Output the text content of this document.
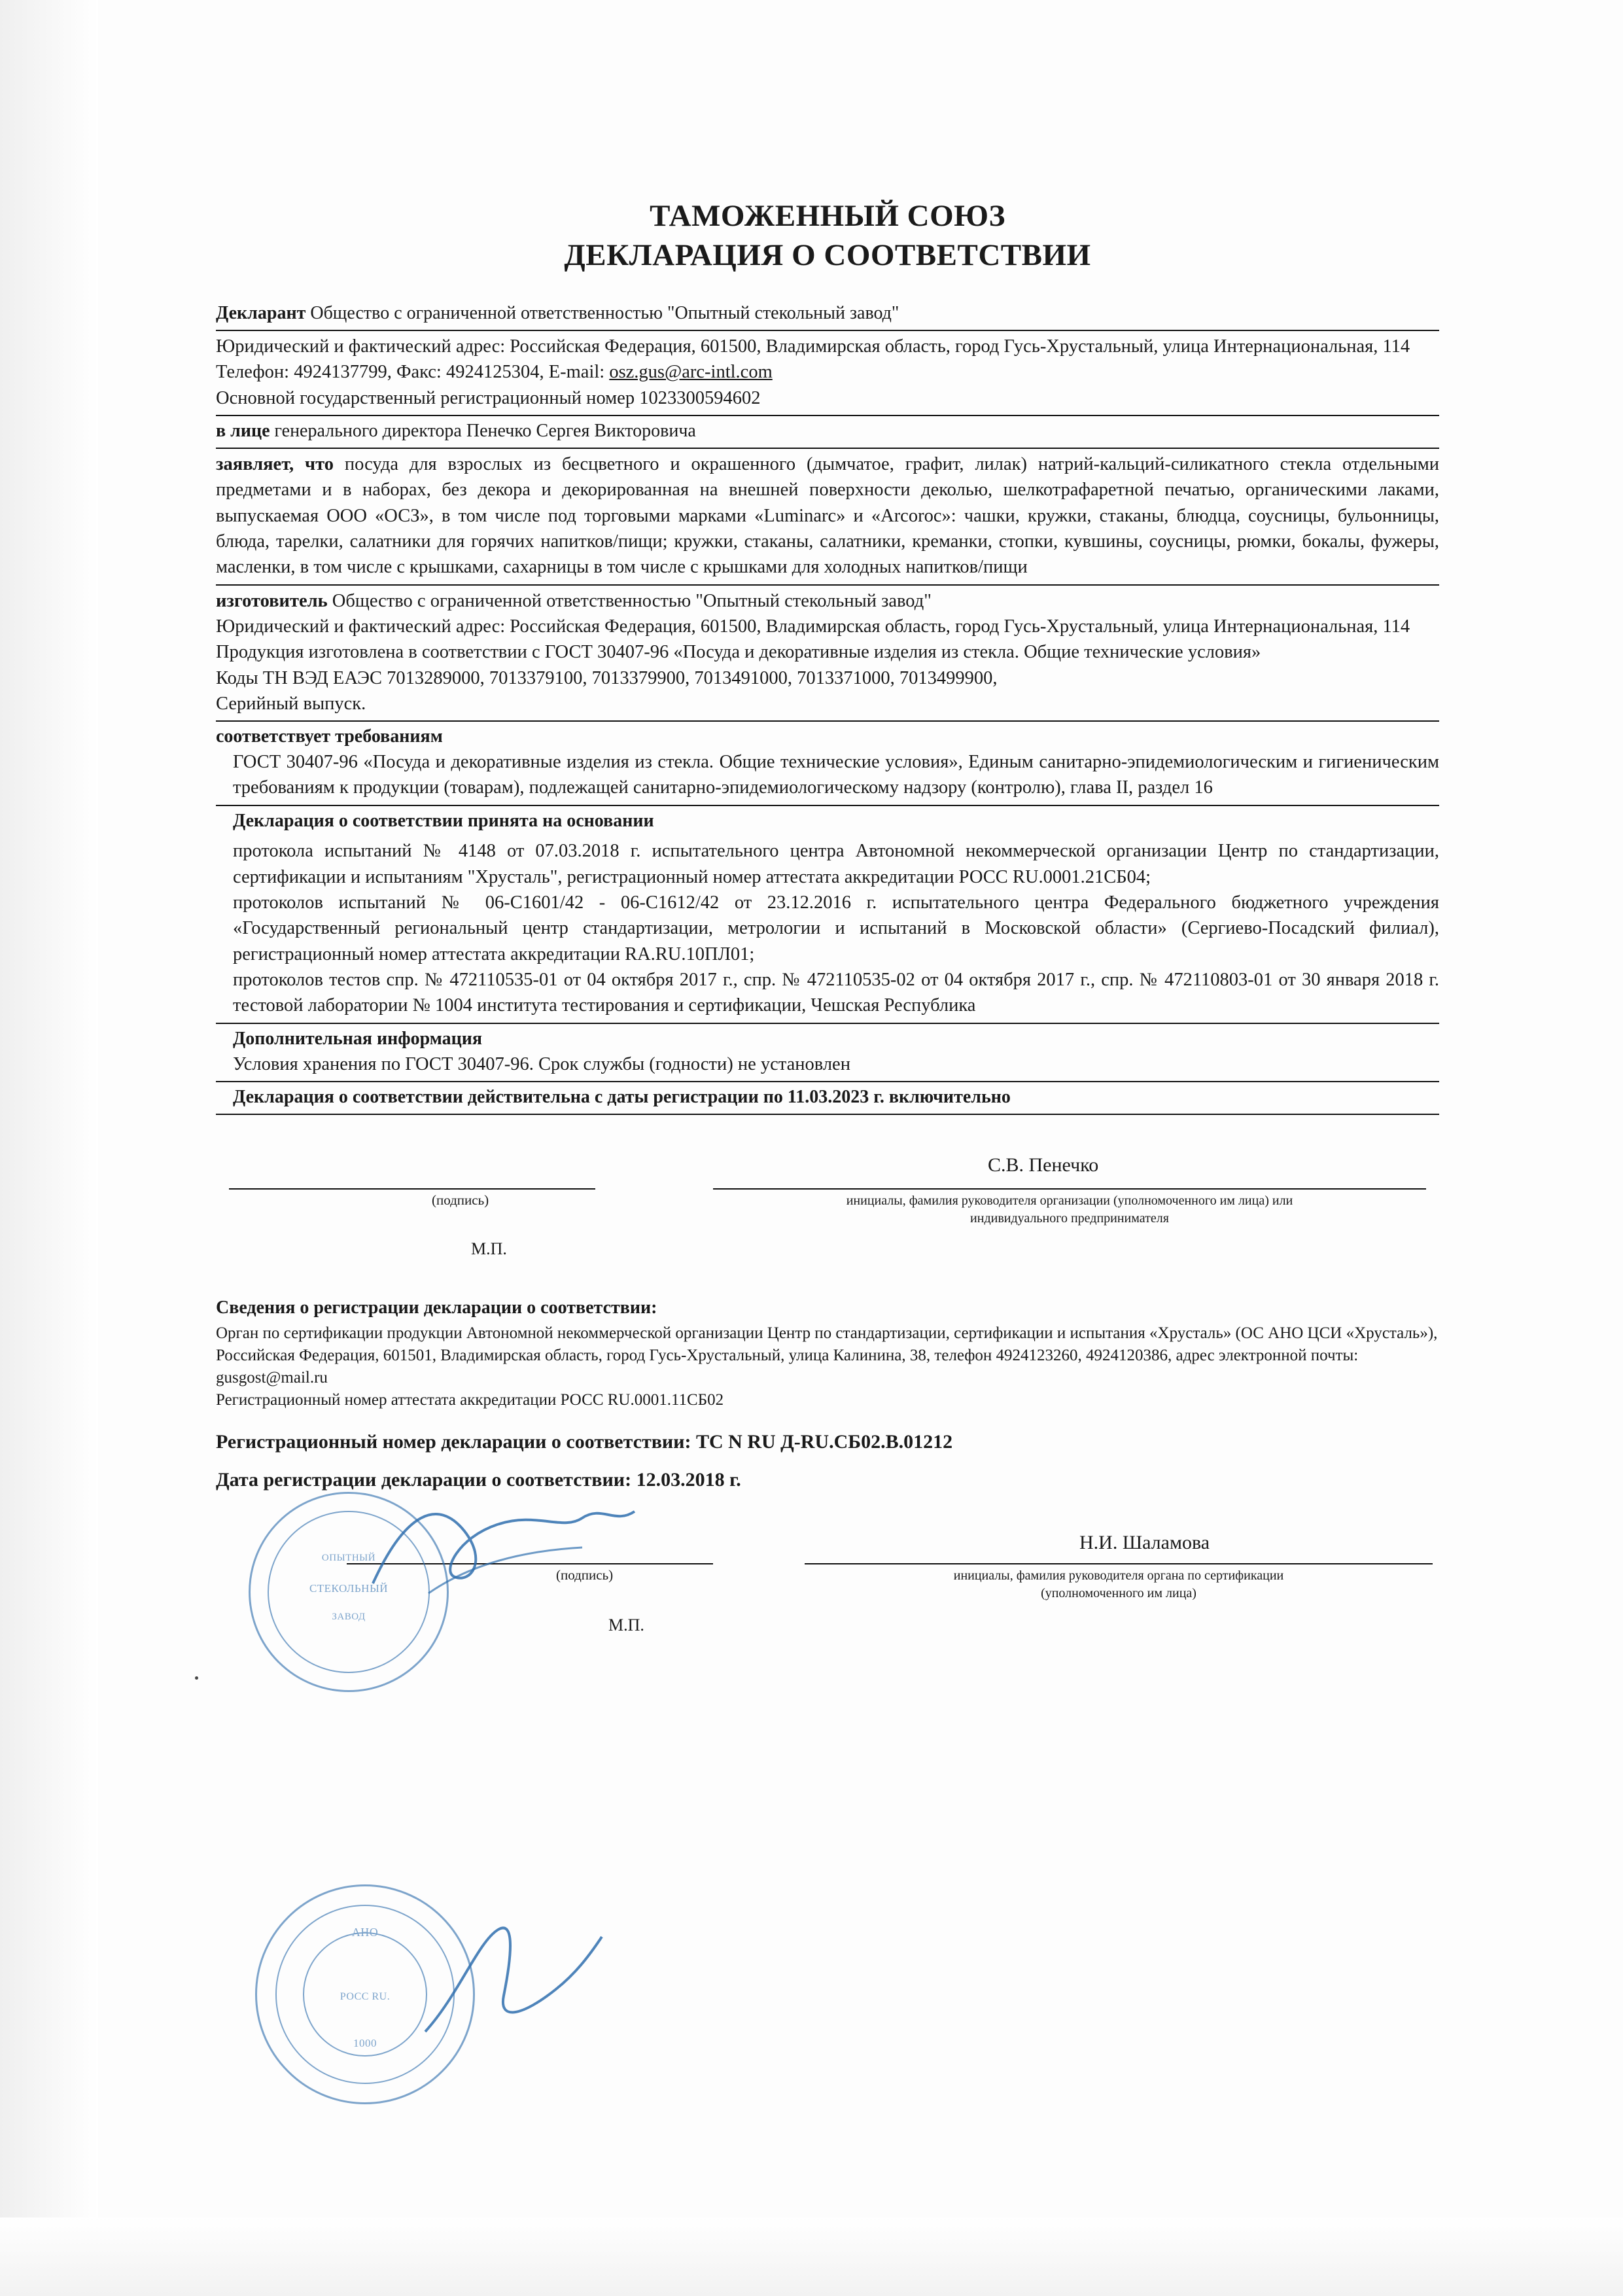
ТАМОЖЕННЫЙ СОЮЗ
ДЕКЛАРАЦИЯ О СООТВЕТСТВИИ
Декларант Общество с ограниченной ответственностью "Опытный стекольный завод"
Юридический и фактический адрес: Российская Федерация, 601500, Владимирская область, город Гусь-Хрустальный, улица Интернациональная, 114
Телефон: 4924137799, Факс: 4924125304, E-mail: osz.gus@arc-intl.com
Основной государственный регистрационный номер 1023300594602
в лице генерального директора Пенечко Сергея Викторовича
заявляет, что посуда для взрослых из бесцветного и окрашенного (дымчатое, графит, лилак) натрий-кальций-силикатного стекла отдельными предметами и в наборах, без декора и декорированная на внешней поверхности деколью, шелкотрафаретной печатью, органическими лаками, выпускаемая ООО «ОСЗ», в том числе под торговыми марками «Luminarc» и «Arcoroc»: чашки, кружки, стаканы, блюдца, соусницы, бульонницы, блюда, тарелки, салатники для горячих напитков/пищи; кружки, стаканы, салатники, креманки, стопки, кувшины, соусницы, рюмки, бокалы, фужеры, масленки, в том числе с крышками, сахарницы в том числе с крышками для холодных напитков/пищи
изготовитель Общество с ограниченной ответственностью "Опытный стекольный завод"
Юридический и фактический адрес: Российская Федерация, 601500, Владимирская область, город Гусь-Хрустальный, улица Интернациональная, 114
Продукция изготовлена в соответствии с ГОСТ 30407-96 «Посуда и декоративные изделия из стекла. Общие технические условия»
Коды ТН ВЭД ЕАЭС 7013289000, 7013379100, 7013379900, 7013491000, 7013371000, 7013499900,
Серийный выпуск.
соответствует требованиям
ГОСТ 30407-96 «Посуда и декоративные изделия из стекла. Общие технические условия», Единым санитарно-эпидемиологическим и гигиеническим требованиям к продукции (товарам), подлежащей санитарно-эпидемиологическому надзору (контролю), глава II, раздел 16
Декларация о соответствии принята на основании
протокола испытаний № 4148 от 07.03.2018 г. испытательного центра Автономной некоммерческой организации Центр по стандартизации, сертификации и испытаниям "Хрусталь", регистрационный номер аттестата аккредитации РОСС RU.0001.21СБ04;
протоколов испытаний № 06-С1601/42 - 06-С1612/42 от 23.12.2016 г. испытательного центра Федерального бюджетного учреждения «Государственный региональный центр стандартизации, метрологии и испытаний в Московской области» (Сергиево-Посадский филиал), регистрационный номер аттестата аккредитации RA.RU.10ПЛ01;
протоколов тестов спр. № 472110535-01 от 04 октября 2017 г., спр. № 472110535-02 от 04 октября 2017 г., спр. № 472110803-01 от 30 января 2018 г. тестовой лаборатории № 1004 института тестирования и сертификации, Чешская Республика
Дополнительная информация
Условия хранения по ГОСТ 30407-96. Срок службы (годности) не установлен
Декларация о соответствии действительна с даты регистрации по 11.03.2023 г. включительно
(подпись)
С.В. Пенечко
инициалы, фамилия руководителя организации (уполномоченного им лица) или
индивидуального предпринимателя
М.П.
Сведения о регистрации декларации о соответствии:
Орган по сертификации продукции Автономной некоммерческой организации Центр по стандартизации, сертификации и испытания «Хрусталь» (ОС АНО ЦСИ «Хрусталь»),
Российская Федерация, 601501, Владимирская область, город Гусь-Хрустальный, улица Калинина, 38, телефон 4924123260, 4924120386, адрес электронной почты: gusgost@mail.ru
Регистрационный номер аттестата аккредитации РОСС RU.0001.11СБ02
Регистрационный номер декларации о соответствии: ТС N RU Д-RU.СБ02.В.01212
Дата регистрации декларации о соответствии: 12.03.2018 г.
(подпись)
Н.И. Шаламова
инициалы, фамилия руководителя органа по сертификации
(уполномоченного им лица)
М.П.
ОПЫТНЫЙ
СТЕКОЛЬНЫЙ
ЗАВОД
АНО
РОСС RU.
1000
